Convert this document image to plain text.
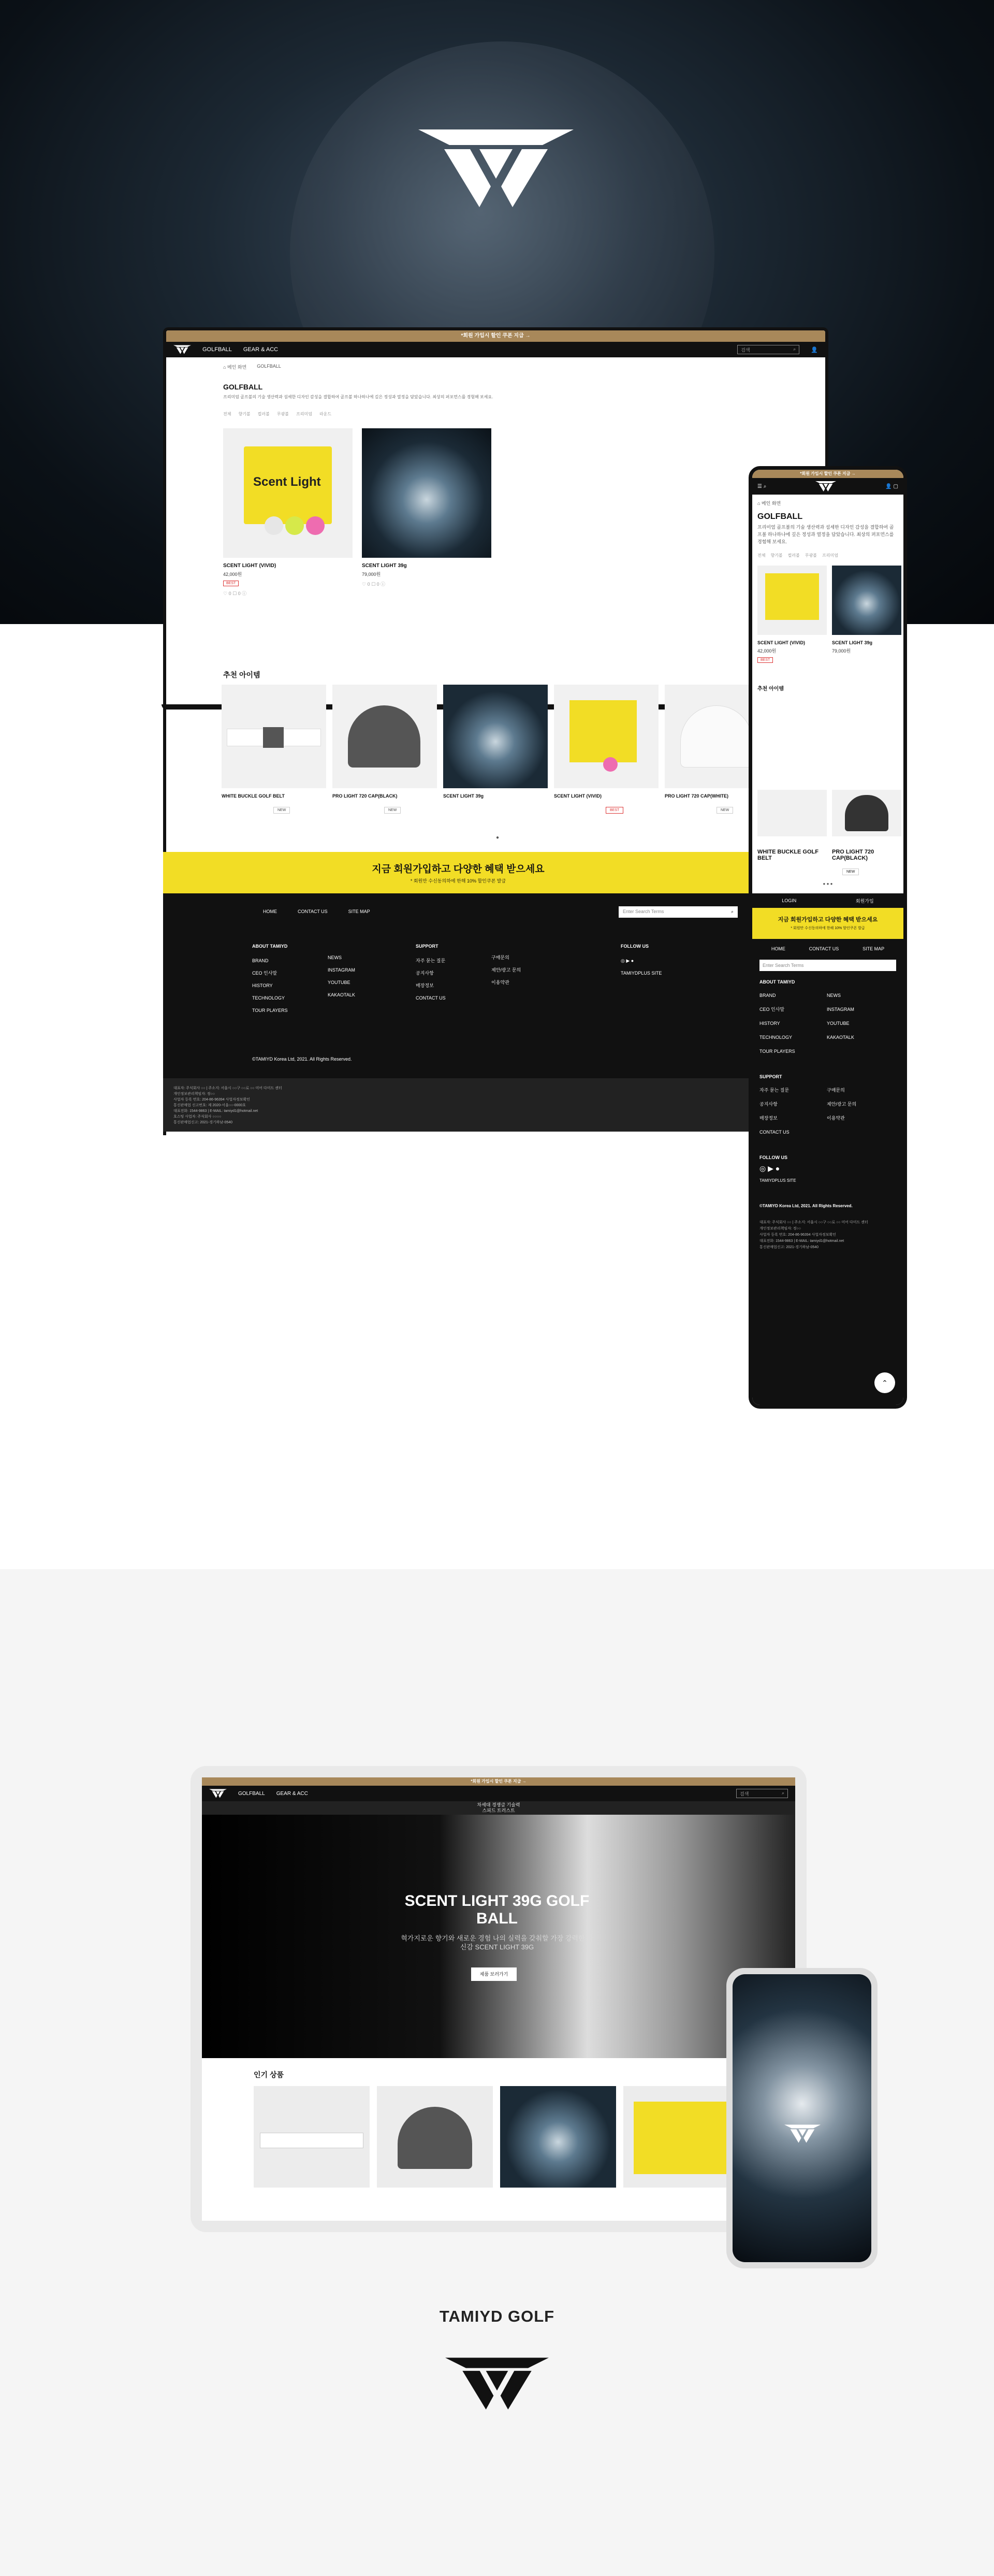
*회원 가입시 할인 쿠폰 지급 →
GOLFBALL GEAR & ACC	검색	⌕	👤
⌂ 메인 화면 GOLFBALL
GOLFBALL
프리미엄 골프볼의 기술 생산력과 섬세한 디자인 감성을 결합하여 골프볼 하나하나에 깊은 정성과 열정을 담았습니다. 최상의 퍼포먼스를 경험해 보세요.
전체 향기볼 컬러볼 무광볼 프리미엄 라운드
Scent Light
SCENT LIGHT (VIVID)
42,000원
BEST
♡ 0 ☐ 0 ⓘ
SCENT LIGHT 39g
79,000원
♡ 0 ☐ 0 ⓘ
추천 아이템
WHITE BUCKLE GOLF BELT
NEW
PRO LIGHT 720 CAP(BLACK)
NEW
SCENT LIGHT 39g	SCENT LIGHT (VIVID)
BEST
PRO LIGHT 720 CAP(WHITE)
NEW
●
지금 회원가입하고 다양한 혜택 받으세요

* 회원만 수신동의하에 한해 10% 할인쿠폰 발급

HOME	CONTACT US	SITE MAP	Enter Search Terms	⌕
ABOUT TAMIYD
BRAND
CEO 인사말
HISTORY
TECHNOLOGY
TOUR PLAYERS
NEWS
INSTAGRAM
YOUTUBE
KAKAOTALK
SUPPORT
자주 묻는 질문
공지사항
매장정보
CONTACT US
구매문의
제안/광고 문의
이용약관
FOLLOW US
◎ ▶ ●
TAMIYDPLUS SITE
©TAMIYD Korea Ltd, 2021. All Rights Reserved.
대표자: 주식회사 ○○ | 주소지: 서울시 ○○구 ○○로 ○○ 미어 다미드 센터
개인정보관리책임자: 정○○
사업자 등록 번호: 204-86-96394 사업자정보확인
통신판매업 신고번호: 제 2020-서울○○-0000호
대표전화: 1544-9863 | E-MAIL: tamiyd1@hotmail.net
호스팅 사업자: 주식회사 ○○○○
통신판매업신고: 2021-경기하남-0540
*회원 가입시 할인 쿠폰 지급 →
☰ ⌕	👤 ▢
⌂ 메인 화면
GOLFBALL
프리미엄 골프볼의 기술 생산력과 섬세한 디자인 감성을 결합하여 골프볼 하나하나에 깊은 정성과 열정을 담았습니다. 최상의 퍼포먼스를 경험해 보세요.
전체 향기볼 컬러볼 무광볼 프리미엄
SCENT LIGHT (VIVID)
42,000원
BEST
SCENT LIGHT 39g
79,000원
추천 아이템
WHITE BUCKLE GOLF BELT
PRO LIGHT 720 CAP(BLACK)
NEW
● ● ●
LOGIN	회원가입
지금 회원가입하고 다양한 혜택 받으세요
* 회원만 수신동의하에 한해 10% 할인쿠폰 발급
HOME	CONTACT US	SITE MAP
Enter Search Terms
ABOUT TAMIYD
BRAND
CEO 인사말
HISTORY
TECHNOLOGY
TOUR PLAYERS
NEWS
INSTAGRAM
YOUTUBE
KAKAOTALK
SUPPORT
자주 묻는 질문
공지사항
매장정보
CONTACT US
구매문의
제안/광고 문의
이용약관
FOLLOW US
◎ ▶ ●
TAMIYDPLUS SITE
©TAMIYD Korea Ltd, 2021. All Rights Reserved.
대표자: 주식회사 ○○ | 주소지: 서울시 ○○구 ○○로 ○○ 미어 다미드 센터
개인정보관리책임자: 정○○
사업자 등록 번호: 204-86-96394 사업자정보확인
대표전화: 1544-9863 | E-MAIL: tamiyd1@hotmail.net
통신판매업신고: 2021-경기하남-0540
⌃
*회원 가입시 할인 쿠폰 지급 →
GOLFBALL GEAR & ACC	검색	⌕
차세대 경쟁급 기술력
스피드 트러스트
SCENT LIGHT 39G GOLF BALL

혁가지로운 향기와 새로운 경험 나의 실력을 갖춰할 가장 강력한 자신감 SCENT LIGHT 39G

제품 보러가기
인기 상품
TAMIYD GOLF
